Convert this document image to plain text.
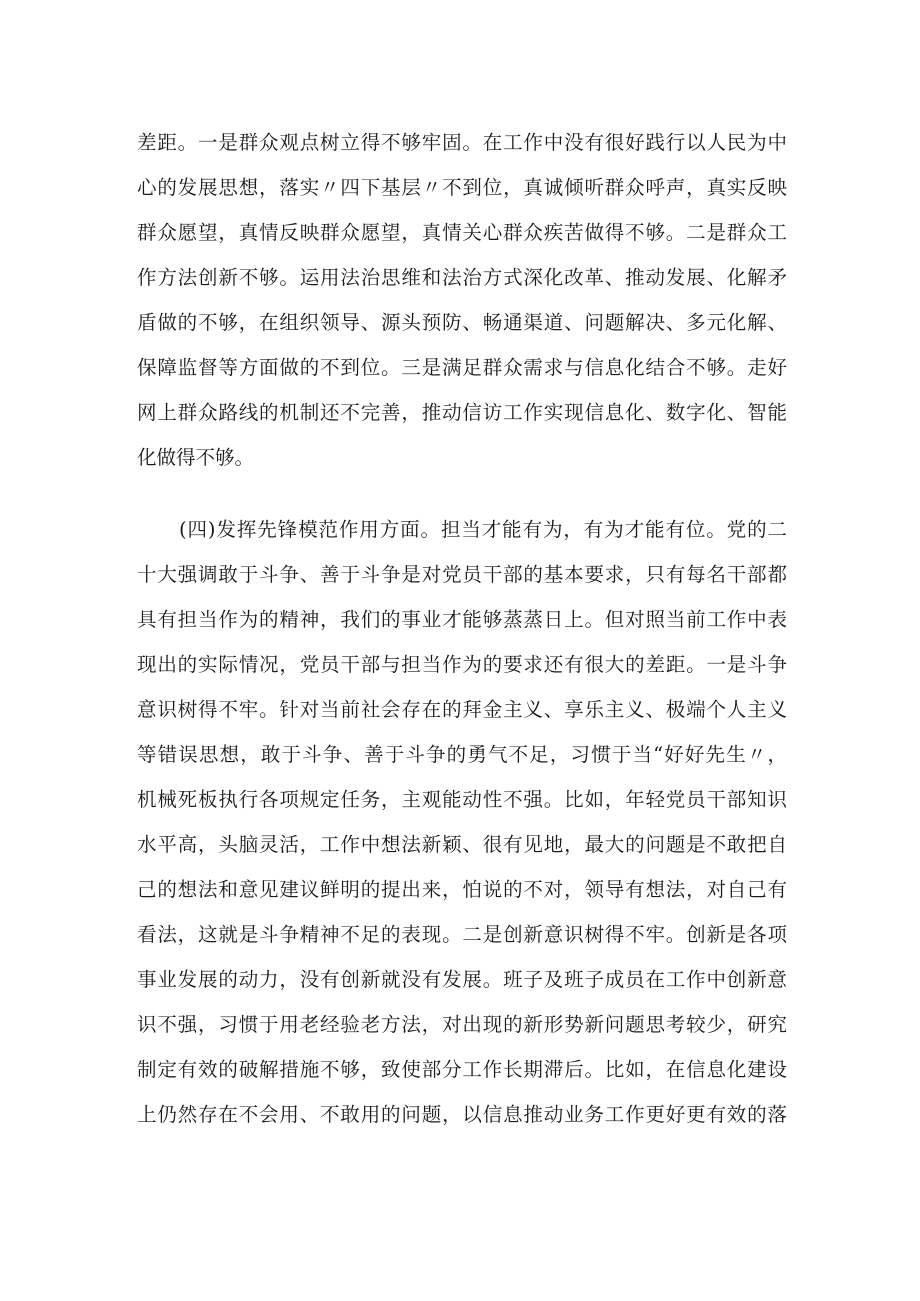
差距。一是群众观点树立得不够牢固。在工作中没有很好践行以人民为中
心的发展思想，落实〃四下基层〃不到位，真诚倾听群众呼声，真实反映
群众愿望，真情反映群众愿望，真情关心群众疾苦做得不够。二是群众工
作方法创新不够。运用法治思维和法治方式深化改革、推动发展、化解矛
盾做的不够，在组织领导、源头预防、畅通渠道、问题解决、多元化解、
保障监督等方面做的不到位。三是满足群众需求与信息化结合不够。走好
网上群众路线的机制还不完善，推动信访工作实现信息化、数字化、智能
化做得不够。
(四)发挥先锋模范作用方面。担当才能有为，有为才能有位。党的二
十大强调敢于斗争、善于斗争是对党员干部的基本要求，只有每名干部都
具有担当作为的精神，我们的事业才能够蒸蒸日上。但对照当前工作中表
现出的实际情况，党员干部与担当作为的要求还有很大的差距。一是斗争
意识树得不牢。针对当前社会存在的拜金主义、享乐主义、极端个人主义
等错误思想，敢于斗争、善于斗争的勇气不足，习惯于当“好好先生〃，
机械死板执行各项规定任务，主观能动性不强。比如，年轻党员干部知识
水平高，头脑灵活，工作中想法新颖、很有见地，最大的问题是不敢把自
己的想法和意见建议鲜明的提出来，怕说的不对，领导有想法，对自己有
看法，这就是斗争精神不足的表现。二是创新意识树得不牢。创新是各项
事业发展的动力，没有创新就没有发展。班子及班子成员在工作中创新意
识不强，习惯于用老经验老方法，对出现的新形势新问题思考较少，研究
制定有效的破解措施不够，致使部分工作长期滞后。比如，在信息化建设
上仍然存在不会用、不敢用的问题，以信息推动业务工作更好更有效的落
